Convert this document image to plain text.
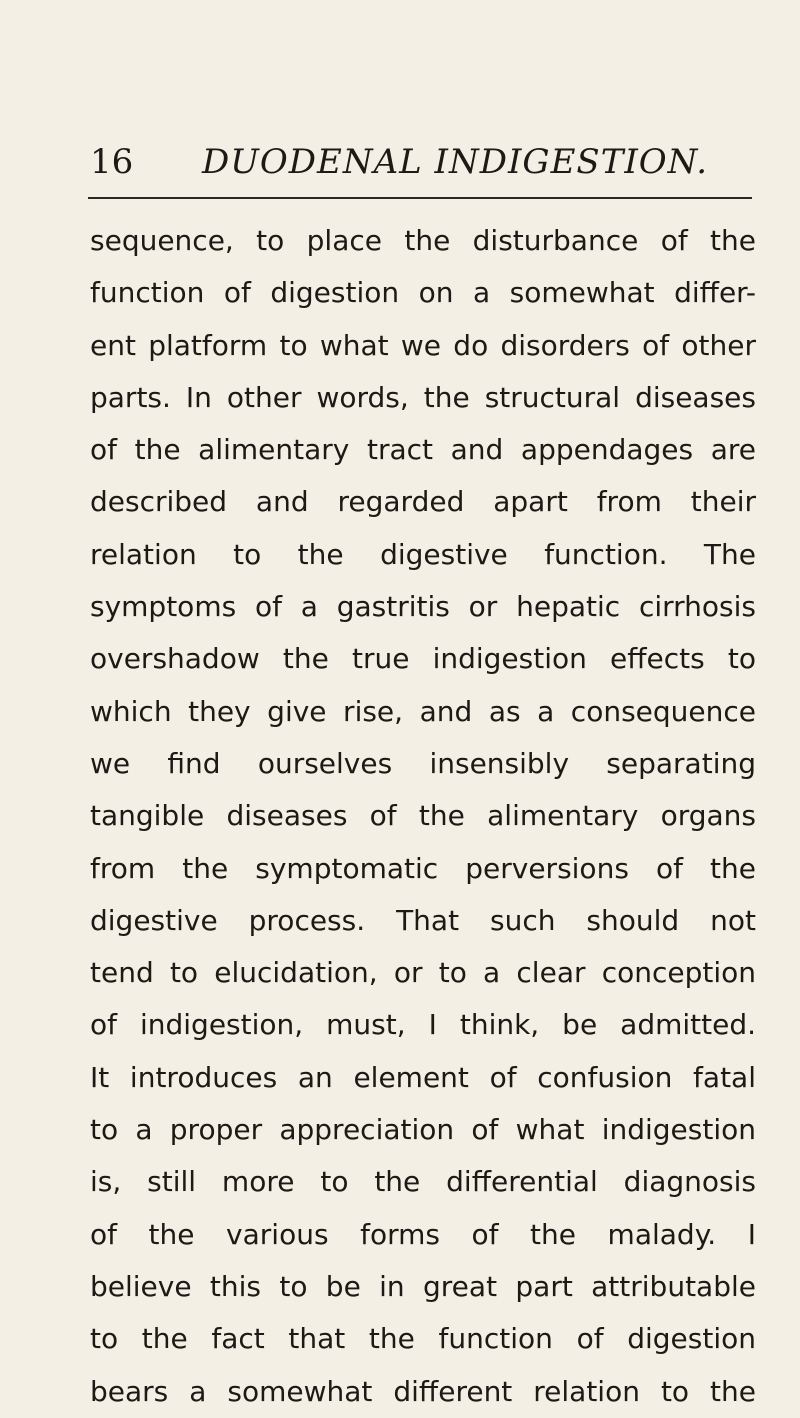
16 DUODENAL INDIGESTION.
sequence, to place the disturbance of the
function of digestion on a somewhat differ-
ent platform to what we do disorders of other
parts. In other words, the structural diseases
of the alimentary tract and appendages are
described and regarded apart from their
relation to the digestive function. The
symptoms of a gastritis or hepatic cirrhosis
overshadow the true indigestion effects to
which they give rise, and as a consequence
we find ourselves insensibly separating
tangible diseases of the alimentary organs
from the symptomatic perversions of the
digestive process. That such should not
tend to elucidation, or to a clear conception
of indigestion, must, I think, be admitted.
It introduces an element of confusion fatal
to a proper appreciation of what indigestion
is, still more to the differential diagnosis
of the various forms of the malady. I
believe this to be in great part attributable
to the fact that the function of digestion
bears a somewhat different relation to the
